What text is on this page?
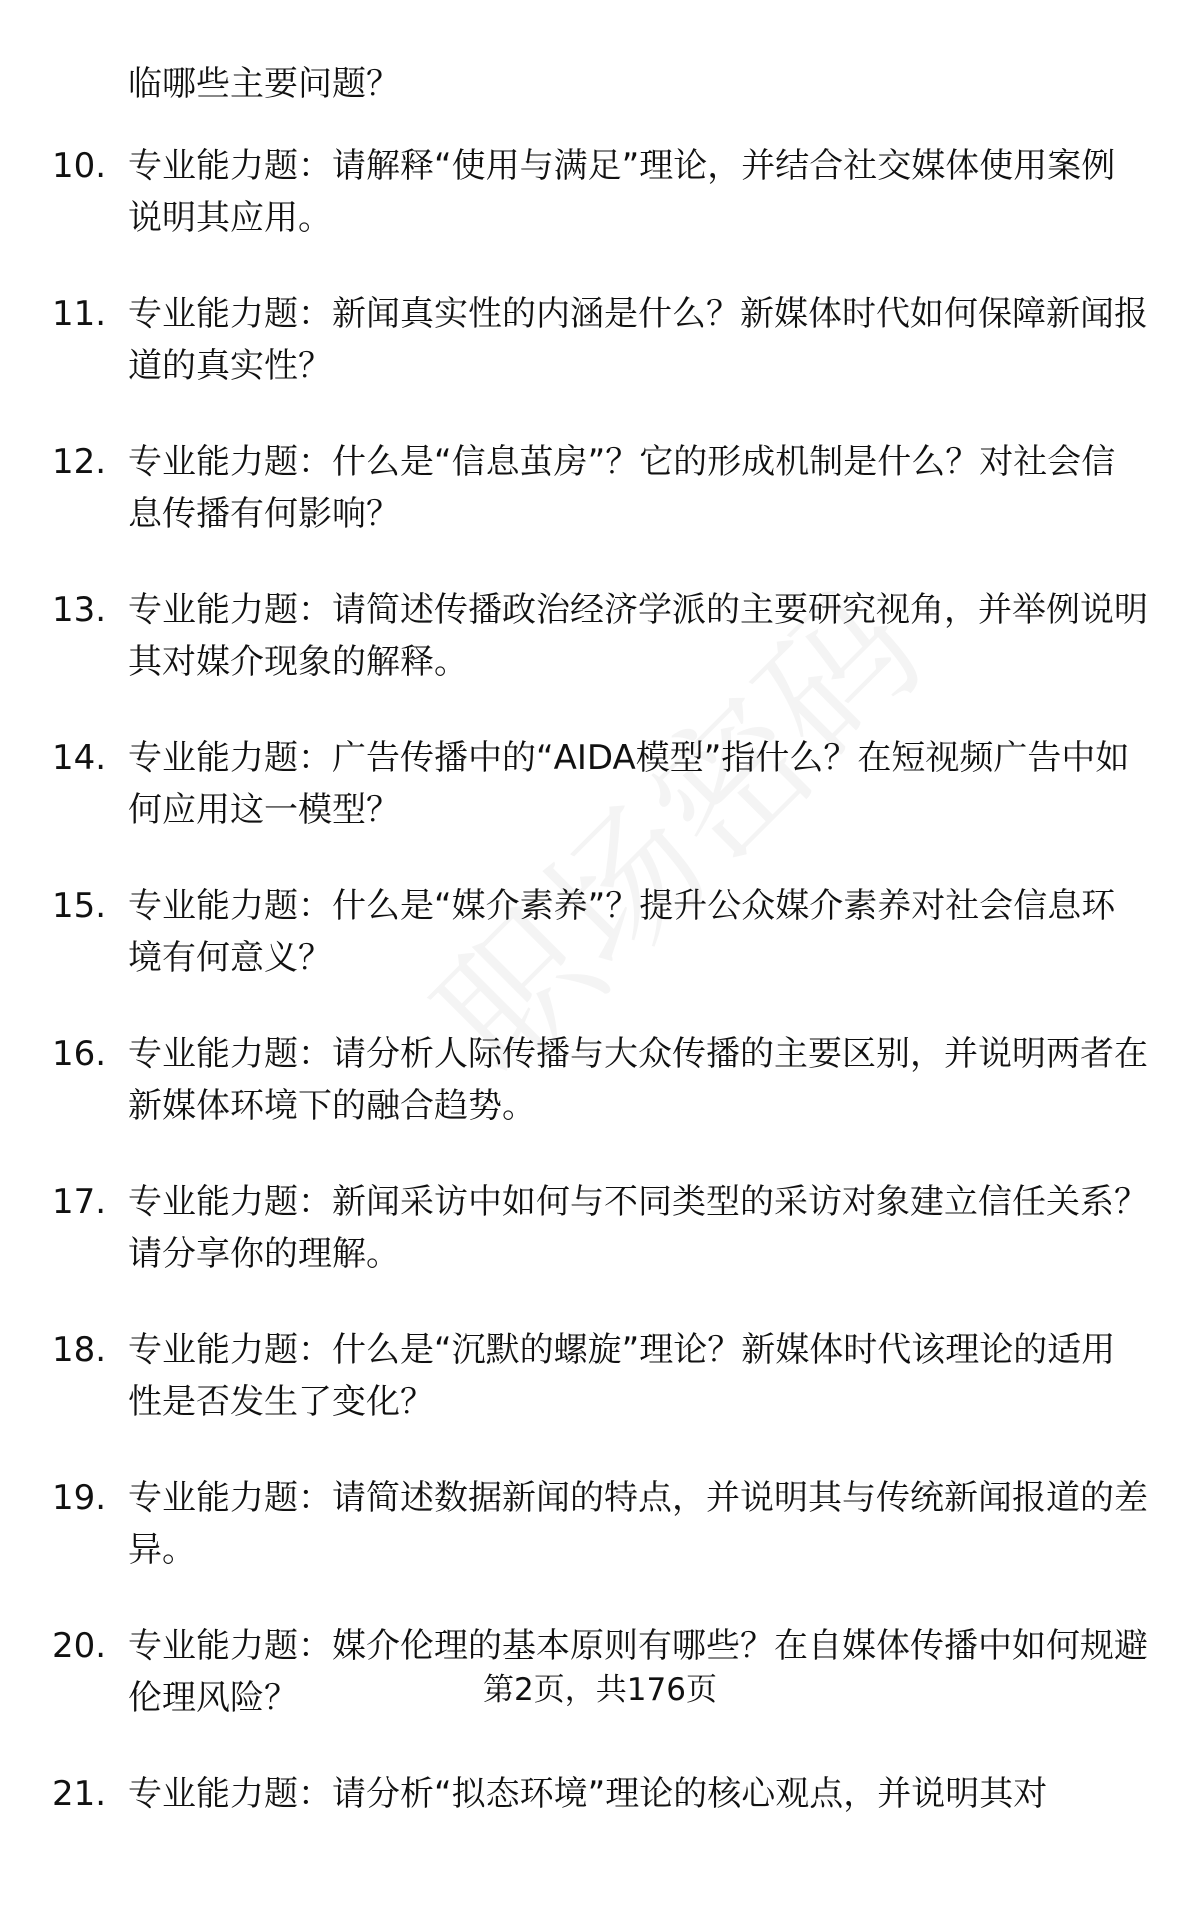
临哪些主要问题？
10. 专业能力题：请解释“使用与满足”理论，并结合社交媒体使用案例说明其应用。
11. 专业能力题：新闻真实性的内涵是什么？新媒体时代如何保障新闻报道的真实性？
12. 专业能力题：什么是“信息茧房”？它的形成机制是什么？对社会信息传播有何影响？
13. 专业能力题：请简述传播政治经济学派的主要研究视角，并举例说明其对媒介现象的解释。
14. 专业能力题：广告传播中的“AIDA模型”指什么？在短视频广告中如何应用这一模型？
15. 专业能力题：什么是“媒介素养”？提升公众媒介素养对社会信息环境有何意义？
16. 专业能力题：请分析人际传播与大众传播的主要区别，并说明两者在新媒体环境下的融合趋势。
17. 专业能力题：新闻采访中如何与不同类型的采访对象建立信任关系？请分享你的理解。
18. 专业能力题：什么是“沉默的螺旋”理论？新媒体时代该理论的适用性是否发生了变化？
19. 专业能力题：请简述数据新闻的特点，并说明其与传统新闻报道的差异。
20. 专业能力题：媒介伦理的基本原则有哪些？在自媒体传播中如何规避伦理风险？
21. 专业能力题：请分析“拟态环境”理论的核心观点，并说明其对
第2页，共176页
